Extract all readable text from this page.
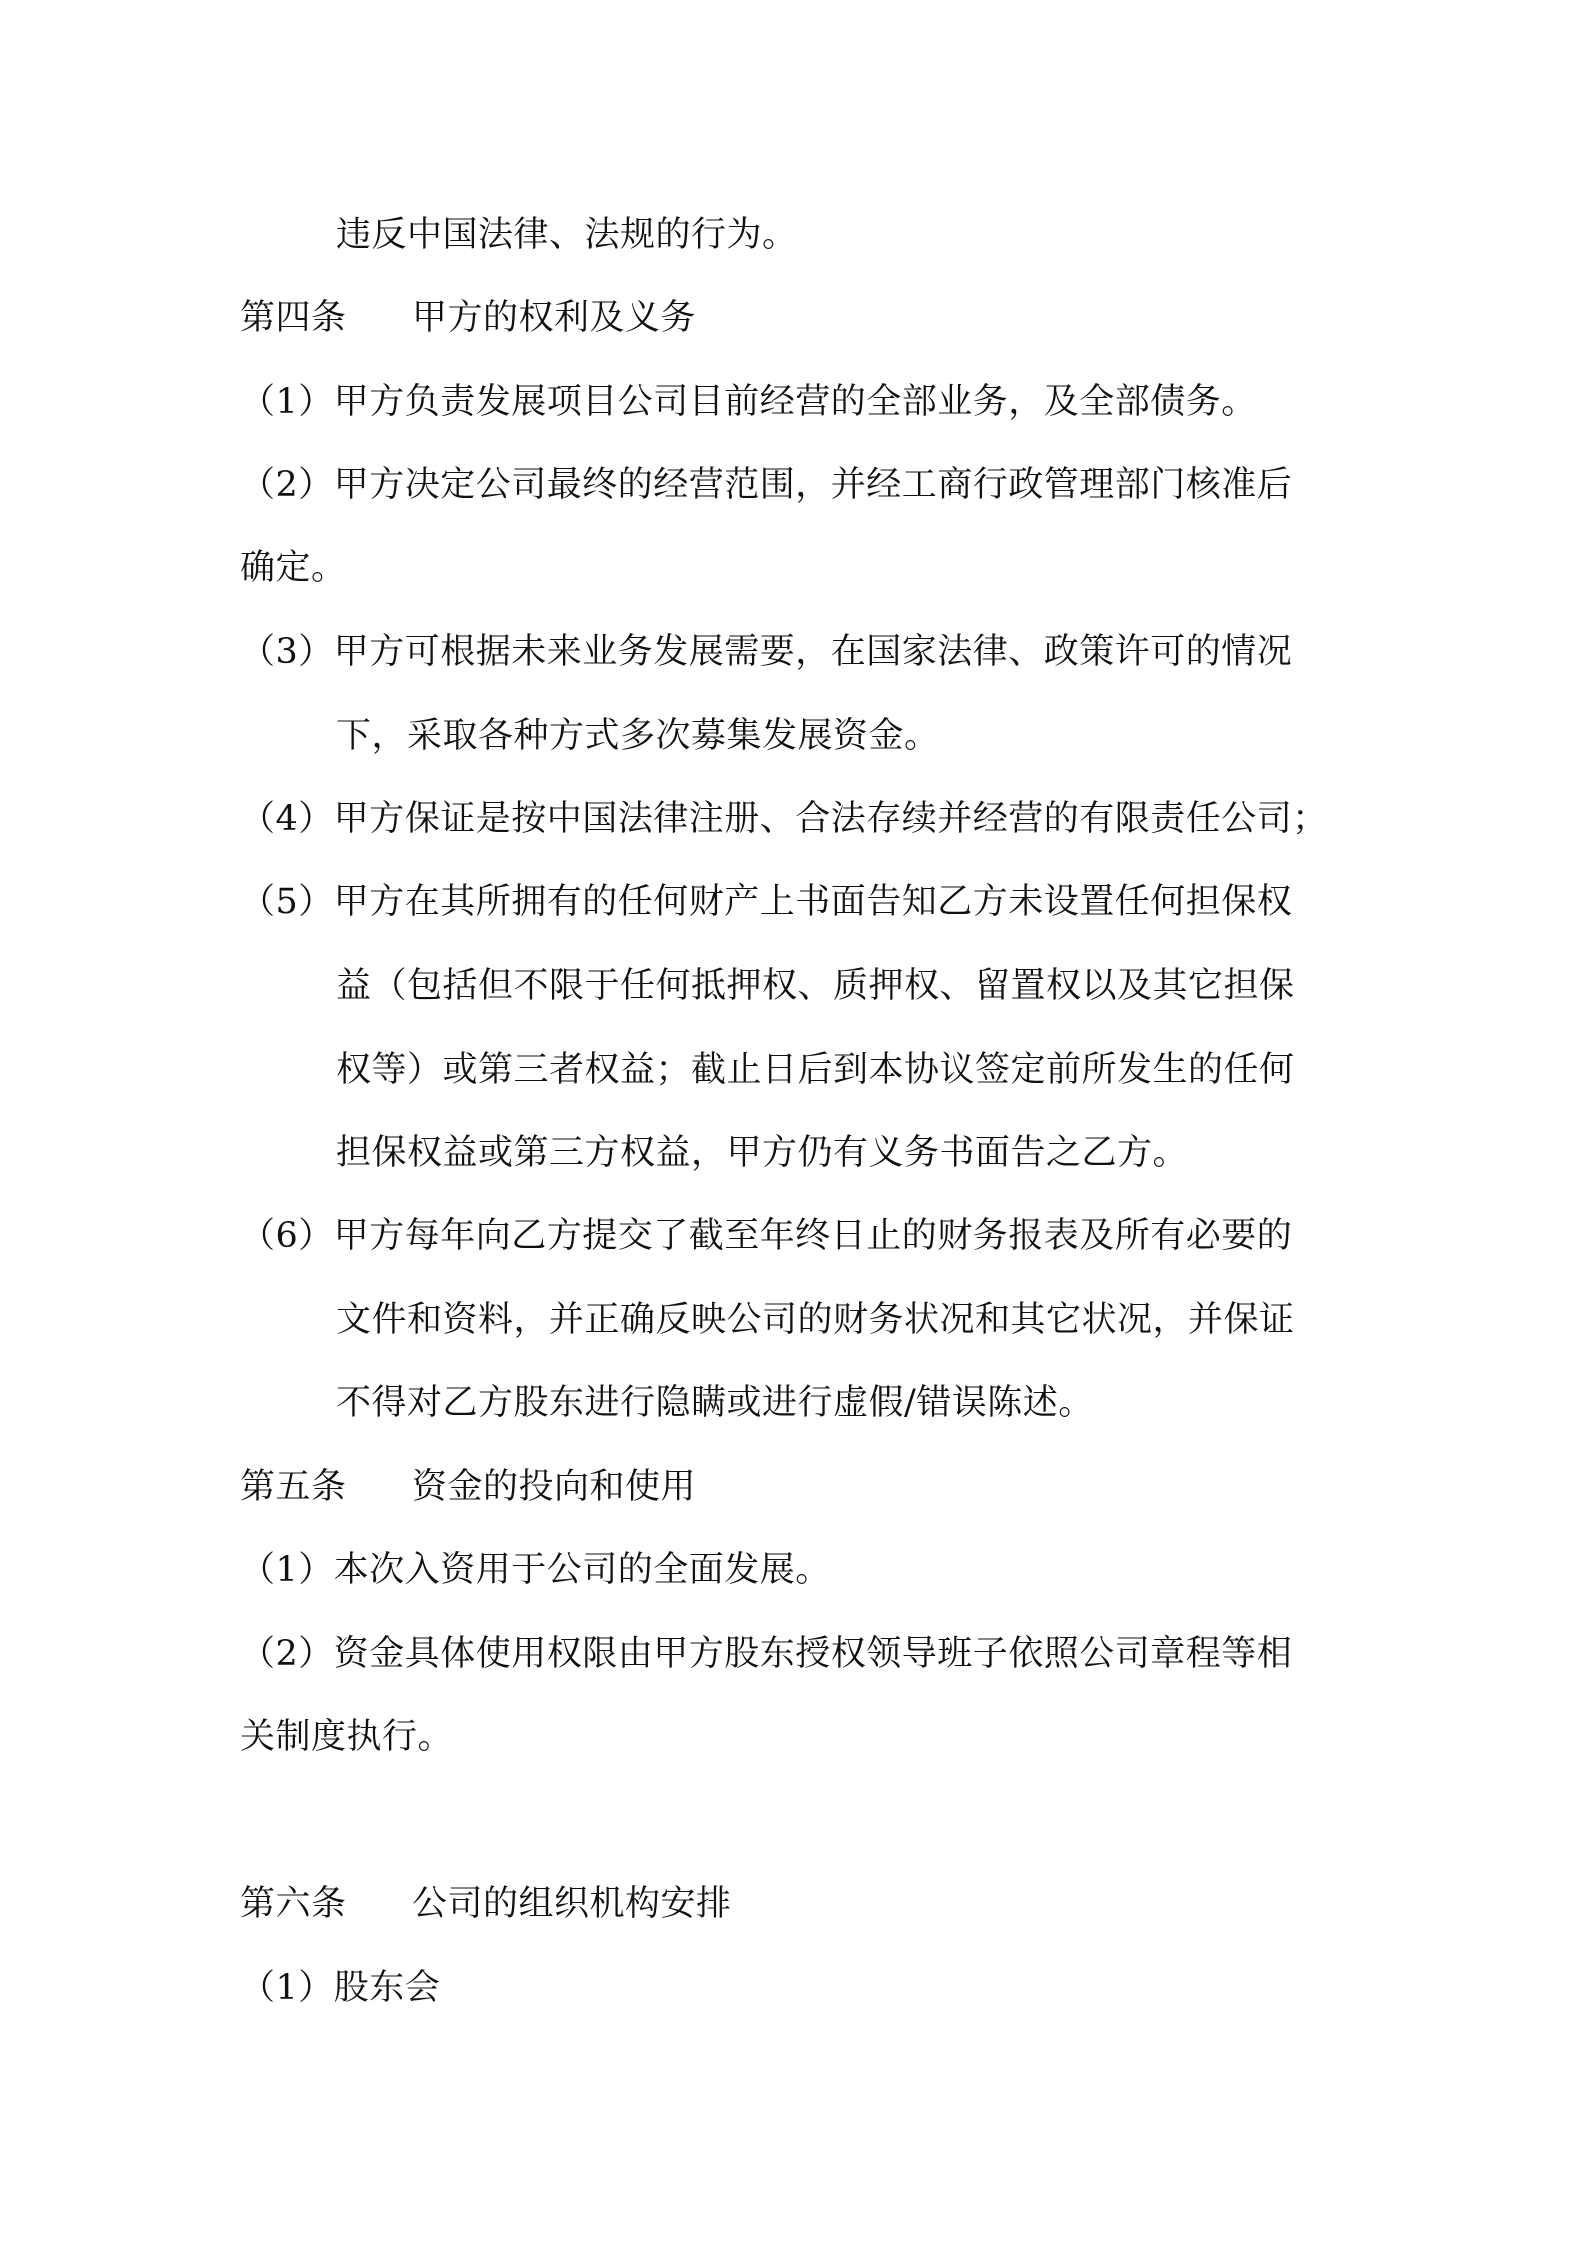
违反中国法律、法规的行为。
第四条 甲方的权利及义务
（1）甲方负责发展项目公司目前经营的全部业务，及全部债务。
（2）甲方决定公司最终的经营范围，并经工商行政管理部门核准后
确定。
（3）甲方可根据未来业务发展需要，在国家法律、政策许可的情况
下，采取各种方式多次募集发展资金。
（4）甲方保证是按中国法律注册、合法存续并经营的有限责任公司；
（5）甲方在其所拥有的任何财产上书面告知乙方未设置任何担保权
益（包括但不限于任何抵押权、质押权、留置权以及其它担保
权等）或第三者权益；截止日后到本协议签定前所发生的任何
担保权益或第三方权益，甲方仍有义务书面告之乙方。
（6）甲方每年向乙方提交了截至年终日止的财务报表及所有必要的
文件和资料，并正确反映公司的财务状况和其它状况，并保证
不得对乙方股东进行隐瞒或进行虚假/错误陈述。
第五条 资金的投向和使用
（1）本次入资用于公司的全面发展。
（2）资金具体使用权限由甲方股东授权领导班子依照公司章程等相
关制度执行。
第六条 公司的组织机构安排
（1）股东会
